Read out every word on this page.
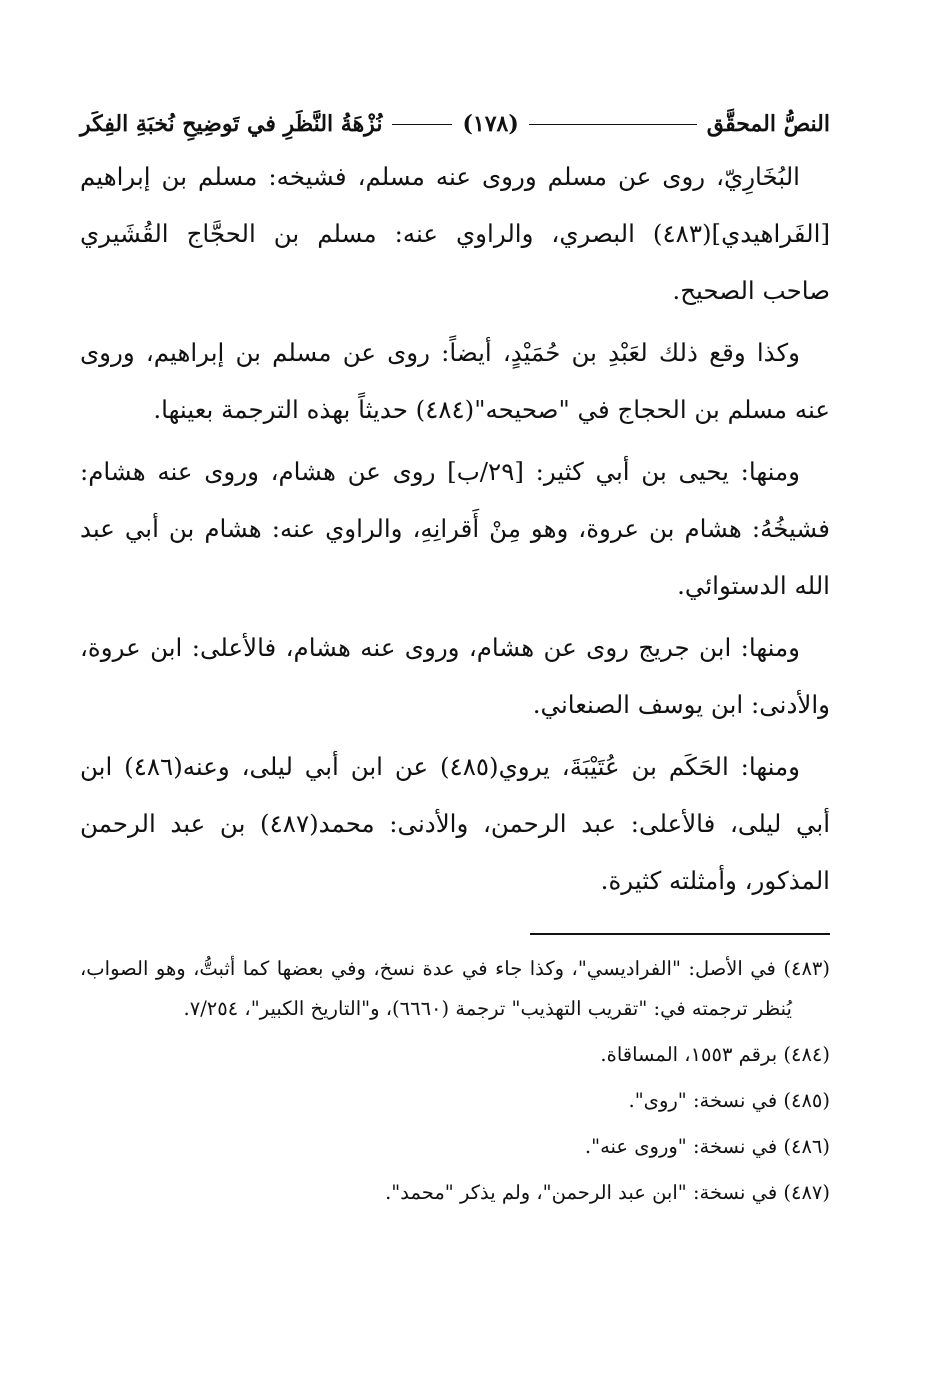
النصُّ المحقَّق
(١٧٨)
نُزْهَةُ النَّظَرِ في تَوضِيحِ نُخبَةِ الفِكَر

البُخَارِيّ، روى عن مسلم وروى عنه مسلم، فشيخه: مسلم بن إبراهيم [الفَراهيدي](٤٨٣) البصري، والراوي عنه: مسلم بن الحجَّاج القُشَيري صاحب الصحيح.

وكذا وقع ذلك لعَبْدِ بن حُمَيْدٍ، أيضاً: روى عن مسلم بن إبراهيم، وروى عنه مسلم بن الحجاج في "صحيحه"(٤٨٤) حديثاً بهذه الترجمة بعينها.

ومنها: يحيى بن أبي كثير: [٢٩/ب] روى عن هشام، وروى عنه هشام: فشيخُهُ: هشام بن عروة، وهو مِنْ أَقرانِهِ، والراوي عنه: هشام بن أبي عبد الله الدستوائي.

ومنها: ابن جريج روى عن هشام، وروى عنه هشام، فالأعلى: ابن عروة، والأدنى: ابن يوسف الصنعاني.

ومنها: الحَكَم بن عُتَيْبَةَ، يروي(٤٨٥) عن ابن أبي ليلى، وعنه(٤٨٦) ابن أبي ليلى، فالأعلى: عبد الرحمن، والأدنى: محمد(٤٨٧) بن عبد الرحمن المذكور، وأمثلته كثيرة.

(٤٨٣) في الأصل: "الفراديسي"، وكذا جاء في عدة نسخ، وفي بعضها كما أثبتُّ، وهو الصواب، يُنظر ترجمته في: "تقريب التهذيب" ترجمة (٦٦٦٠)، و"التاريخ الكبير"، ٧/٢٥٤.
(٤٨٤) برقم ١٥٥٣، المساقاة.
(٤٨٥) في نسخة: "روى".
(٤٨٦) في نسخة: "وروى عنه".
(٤٨٧) في نسخة: "ابن عبد الرحمن"، ولم يذكر "محمد".
